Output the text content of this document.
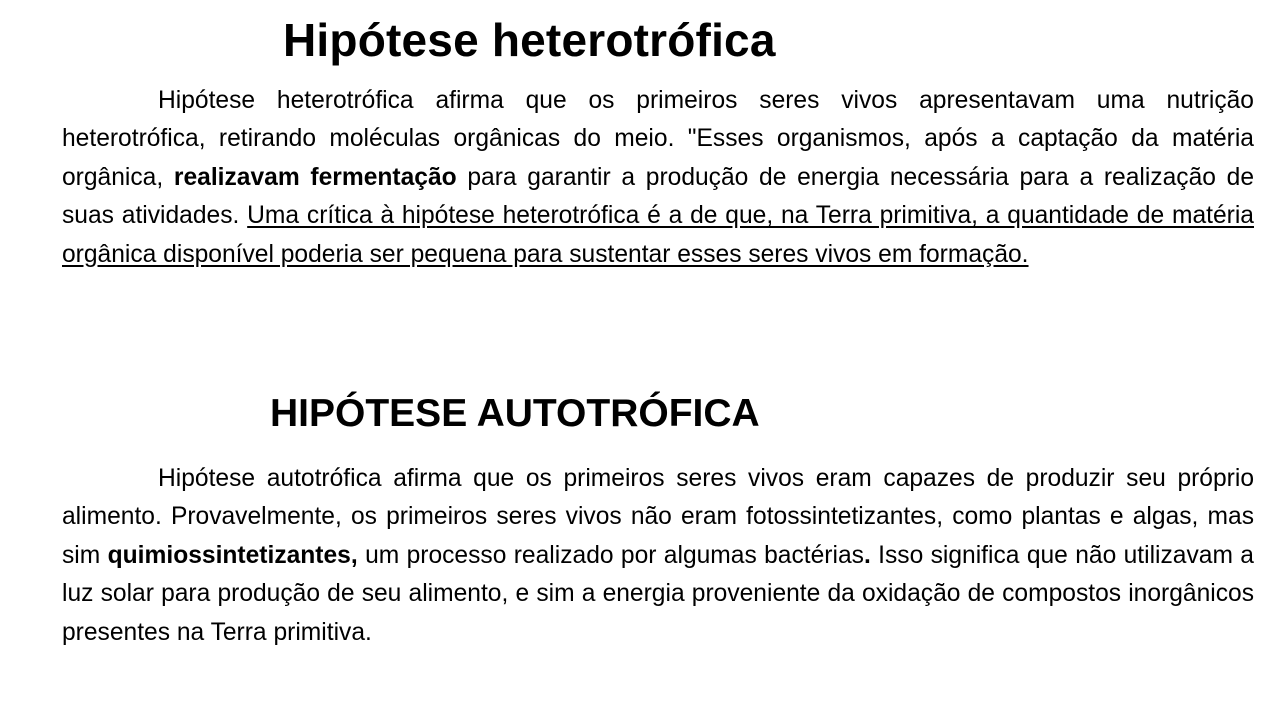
Hipótese heterotrófica

Hipótese heterotrófica afirma que os primeiros seres vivos apresentavam uma nutrição heterotrófica, retirando moléculas orgânicas do meio. "Esses organismos, após a captação da matéria orgânica, realizavam fermentação para garantir a produção de energia necessária para a realização de suas atividades. Uma crítica à hipótese heterotrófica é a de que, na Terra primitiva, a quantidade de matéria orgânica disponível poderia ser pequena para sustentar esses seres vivos em formação.

HIPÓTESE AUTOTRÓFICA

Hipótese autotrófica afirma que os primeiros seres vivos eram capazes de produzir seu próprio alimento. Provavelmente, os primeiros seres vivos não eram fotossintetizantes, como plantas e algas, mas sim quimiossintetizantes, um processo realizado por algumas bactérias. Isso significa que não utilizavam a luz solar para produção de seu alimento, e sim a energia proveniente da oxidação de compostos inorgânicos presentes na Terra primitiva.
